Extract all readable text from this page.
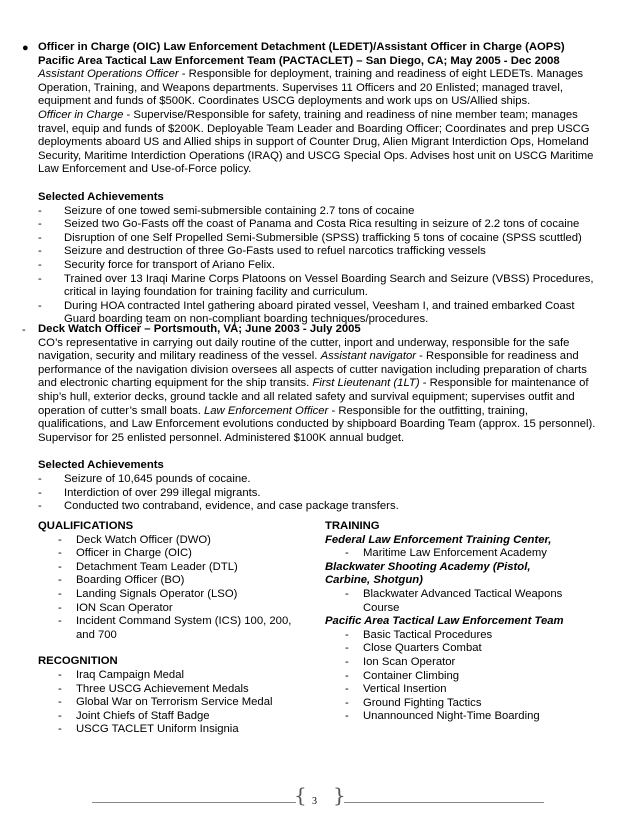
● Officer in Charge (OIC) Law Enforcement Detachment (LEDET)/Assistant Officer in Charge (AOPS)

Pacific Area Tactical Law Enforcement Team (PACTACLET) – San Diego, CA; May 2005 - Dec 2008

Assistant Operations Officer - Responsible for deployment, training and readiness of eight LEDETs. Manages Operation, Training, and Weapons departments. Supervises 11 Officers and 20 Enlisted; managed travel, equipment and funds of $500K. Coordinates USCG deployments and work ups on US/Allied ships.

Officer in Charge - Supervise/Responsible for safety, training and readiness of nine member team; manages travel, equip and funds of $200K. Deployable Team Leader and Boarding Officer; Coordinates and prep USCG deployments aboard US and Allied ships in support of Counter Drug, Alien Migrant Interdiction Ops, Homeland Security, Maritime Interdiction Operations (IRAQ) and USCG Special Ops. Advises host unit on USCG Maritime Law Enforcement and Use-of-Force policy.

Selected Achievements

- Seizure of one towed semi-submersible containing 2.7 tons of cocaine
- Seized two Go-Fasts off the coast of Panama and Costa Rica resulting in seizure of 2.2 tons of cocaine
- Disruption of one Self Propelled Semi-Submersible (SPSS) trafficking 5 tons of cocaine (SPSS scuttled)
- Seizure and destruction of three Go-Fasts used to refuel narcotics trafficking vessels
- Security force for transport of Ariano Felix.
- Trained over 13 Iraqi Marine Corps Platoons on Vessel Boarding Search and Seizure (VBSS) Procedures, critical in laying foundation for training facility and curriculum.
- During HOA contracted Intel gathering aboard pirated vessel, Veesham I, and trained embarked Coast Guard boarding team on non-compliant boarding techniques/procedures.
- Deck Watch Officer – Portsmouth, VA; June 2003 - July 2005

CO’s representative in carrying out daily routine of the cutter, inport and underway, responsible for the safe navigation, security and military readiness of the vessel. Assistant navigator - Responsible for readiness and performance of the navigation division oversees all aspects of cutter navigation including preparation of charts and electronic charting equipment for the ship transits. First Lieutenant (1LT) - Responsible for maintenance of ship’s hull, exterior decks, ground tackle and all related safety and survival equipment; supervises outfit and operation of cutter’s small boats. Law Enforcement Officer - Responsible for the outfitting, training, qualifications, and Law Enforcement evolutions conducted by shipboard Boarding Team (approx. 15 personnel). Supervisor for 25 enlisted personnel. Administered $100K annual budget.

Selected Achievements

- Seizure of 10,645 pounds of cocaine.
- Interdiction of over 299 illegal migrants.
- Conducted two contraband, evidence, and case package transfers.

QUALIFICATIONS

- Deck Watch Officer (DWO)
- Officer in Charge (OIC)
- Detachment Team Leader (DTL)
- Boarding Officer (BO)
- Landing Signals Operator (LSO)
- ION Scan Operator
- Incident Command System (ICS) 100, 200, and 700

RECOGNITION

- Iraq Campaign Medal
- Three USCG Achievement Medals
- Global War on Terrorism Service Medal
- Joint Chiefs of Staff Badge
- USCG TACLET Uniform Insignia

TRAINING

Federal Law Enforcement Training Center,

- Maritime Law Enforcement Academy

Blackwater Shooting Academy (Pistol, Carbine, Shotgun)

- Blackwater Advanced Tactical Weapons Course

Pacific Area Tactical Law Enforcement Team

- Basic Tactical Procedures
- Close Quarters Combat
- Ion Scan Operator
- Container Climbing
- Vertical Insertion
- Ground Fighting Tactics
- Unannounced Night-Time Boarding
{ 3 }
